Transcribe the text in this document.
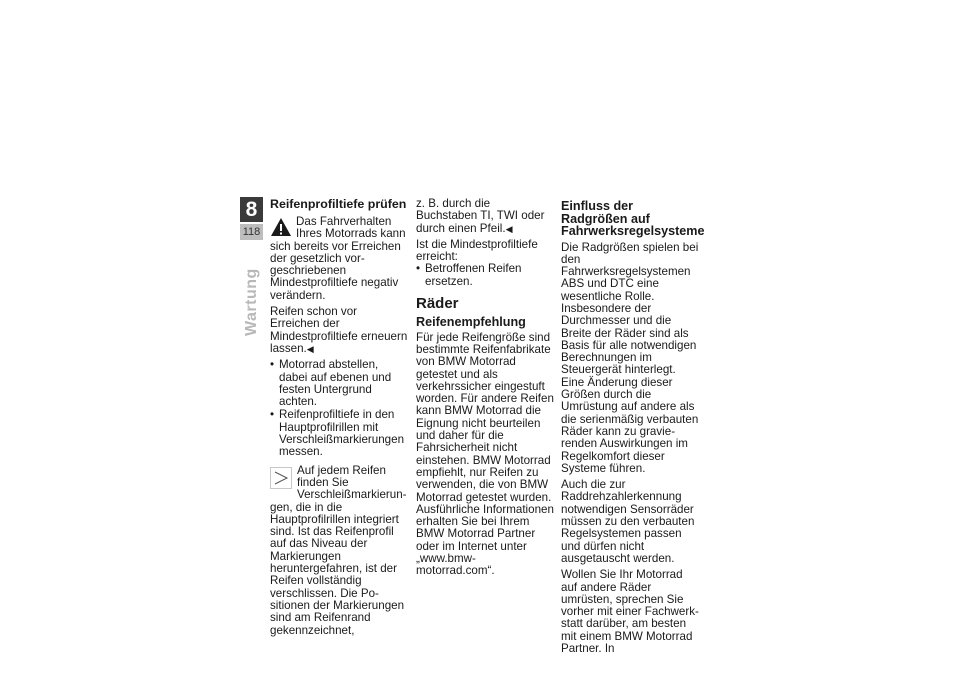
8
118
Wartung
Reifenprofiltiefe prüfen

Das Fahrverhalten Ihres Motorrads kann sich bereits vor Erreichen der gesetzlich vorgeschriebenen Mindestprofiltiefe negativ verändern.

Reifen schon vor Erreichen der Mindestprofiltiefe erneuern lassen.◀

• Motorrad abstellen, dabei auf ebenen und festen Untergrund achten.
• Reifenprofiltiefe in den Hauptprofilrillen mit Verschleißmarkierungen messen.

Auf jedem Reifen finden Sie Verschleißmarkierungen, die in die Hauptprofilrillen integriert sind. Ist das Reifenprofil auf das Niveau der Markierungen heruntergefahren, ist der Reifen vollständig verschlissen. Die Positionen der Markierungen sind am Reifenrand gekennzeichnet,

z. B. durch die Buchstaben TI, TWI oder durch einen Pfeil.◀

Ist die Mindestprofiltiefe erreicht:

• Betroffenen Reifen ersetzen.
Räder
Reifenempfehlung

Für jede Reifengröße sind bestimmte Reifenfabrikate von BMW Motorrad getestet und als verkehrssicher eingestuft worden. Für andere Reifen kann BMW Motorrad die Eignung nicht beurteilen und daher für die Fahrsicherheit nicht einstehen. BMW Motorrad empfiehlt, nur Reifen zu verwenden, die von BMW Motorrad getestet wurden. Ausführliche Informationen erhalten Sie bei Ihrem BMW Motorrad Partner oder im Internet unter „www.bmw-motorrad.com“.

Einfluss der Radgrößen auf Fahrwerksregelsysteme

Die Radgrößen spielen bei den Fahrwerksregelsystemen ABS und DTC eine wesentliche Rolle. Insbesondere der Durchmesser und die Breite der Räder sind als Basis für alle notwendigen Berechnungen im Steuergerät hinterlegt. Eine Änderung dieser Größen durch die Umrüstung auf andere als die serienmäßig verbauten Räder kann zu gravierenden Auswirkungen im Regelkomfort dieser Systeme führen.

Auch die zur Raddrehzahlerkennung notwendigen Sensorräder müssen zu den verbauten Regelsystemen passen und dürfen nicht ausgetauscht werden.

Wollen Sie Ihr Motorrad auf andere Räder umrüsten, sprechen Sie vorher mit einer Fachwerkstatt darüber, am besten mit einem BMW Motorrad Partner. In
